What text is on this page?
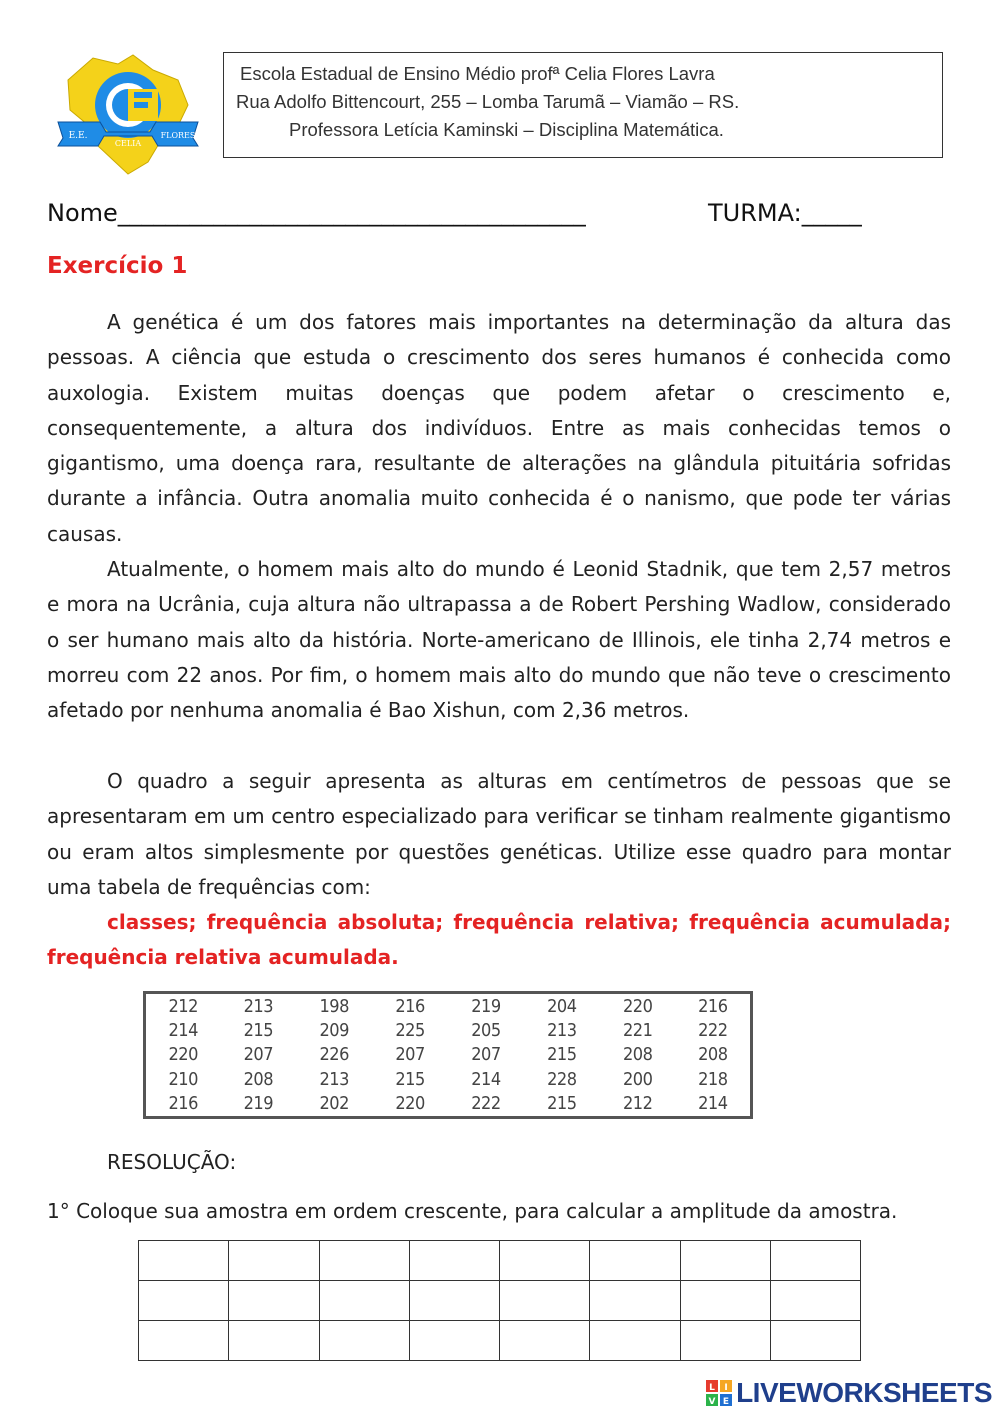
E.E.
CELIA
FLORES
Escola Estadual de Ensino Médio profª Celia Flores Lavra
Rua Adolfo Bittencourt, 255 – Lomba Tarumã – Viamão – RS.
Professora Letícia Kaminski – Disciplina Matemática.
Nome_______________________________________	TURMA:_____
Exercício 1

A genética é um dos fatores mais importantes na determinação da altura das pessoas. A ciência que estuda o crescimento dos seres humanos é conhecida como auxologia. Existem muitas doenças que podem afetar o crescimento e, consequentemente, a altura dos indivíduos. Entre as mais conhecidas temos o gigantismo, uma doença rara, resultante de alterações na glândula pituitária sofridas durante a infância. Outra anomalia muito conhecida é o nanismo, que pode ter várias causas.

Atualmente, o homem mais alto do mundo é Leonid Stadnik, que tem 2,57 metros e mora na Ucrânia, cuja altura não ultrapassa a de Robert Pershing Wadlow, considerado o ser humano mais alto da história. Norte-americano de Illinois, ele tinha 2,74 metros e morreu com 22 anos. Por fim, o homem mais alto do mundo que não teve o crescimento afetado por nenhuma anomalia é Bao Xishun, com 2,36 metros.

O quadro a seguir apresenta as alturas em centímetros de pessoas que se apresentaram em um centro especializado para verificar se tinham realmente gigantismo ou eram altos simplesmente por questões genéticas. Utilize esse quadro para montar uma tabela de frequências com:

classes; frequência absoluta; frequência relativa; frequência acumulada; frequência relativa acumulada.

212	213	198	216	219	204	220	216
214	215	209	225	205	213	221	222
220	207	226	207	207	215	208	208
210	208	213	215	214	228	200	218
216	219	202	220	222	215	212	214
RESOLUÇÃO:
1° Coloque sua amostra em ordem crescente, para calcular a amplitude da amostra.

L I
V E LIVEWORKSHEETS
